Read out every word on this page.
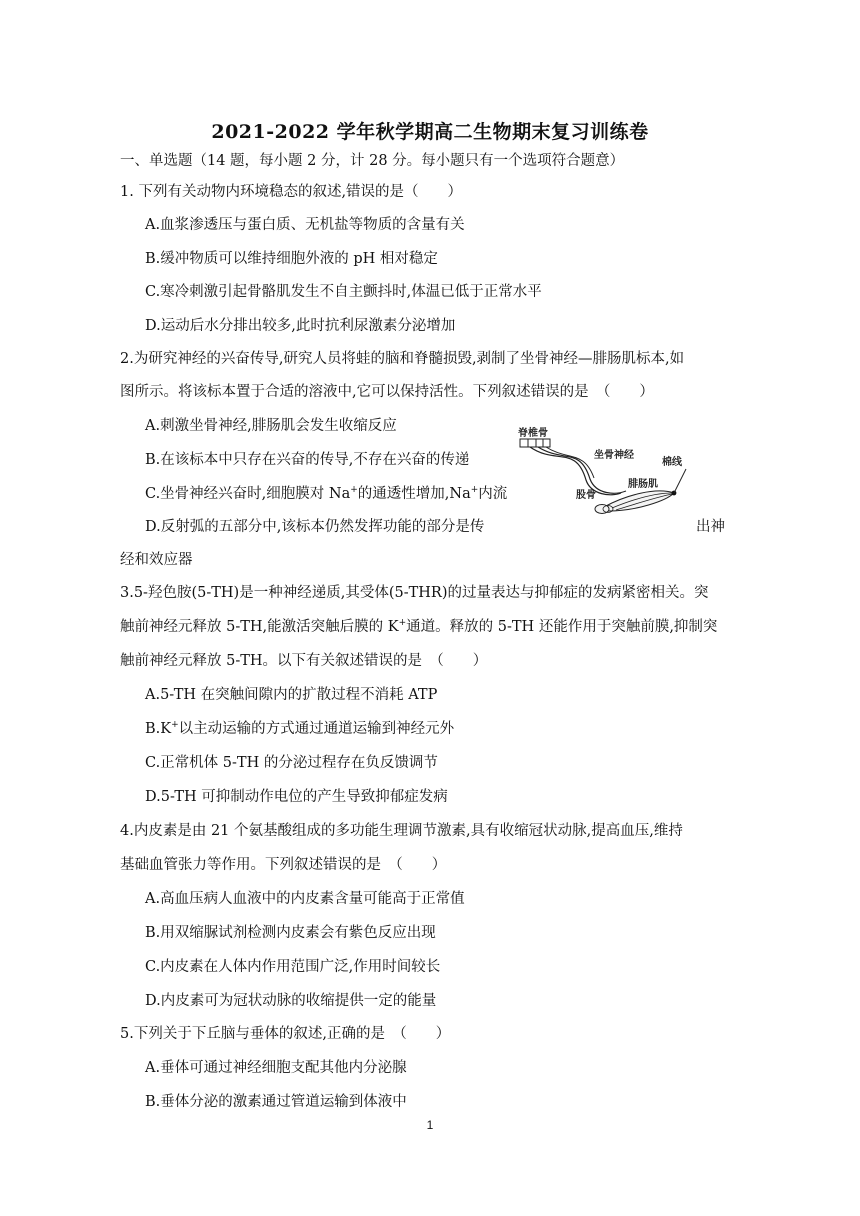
2021-2022 学年秋学期高二生物期末复习训练卷
一、单选题（14 题，每小题 2 分，计 28 分。每小题只有一个选项符合题意）
1. 下列有关动物内环境稳态的叙述,错误的是（　　）
A.血浆渗透压与蛋白质、无机盐等物质的含量有关
B.缓冲物质可以维持细胞外液的 pH 相对稳定
C.寒冷刺激引起骨骼肌发生不自主颤抖时,体温已低于正常水平
D.运动后水分排出较多,此时抗利尿激素分泌增加
2.为研究神经的兴奋传导,研究人员将蛙的脑和脊髓损毁,剥制了坐骨神经—腓肠肌标本,如
图所示。将该标本置于合适的溶液中,它可以保持活性。下列叙述错误的是　（　　）
A.刺激坐骨神经,腓肠肌会发生收缩反应
B.在该标本中只存在兴奋的传导,不存在兴奋的传递
C.坐骨神经兴奋时,细胞膜对 Na+的通透性增加,Na+内流
D.反射弧的五部分中,该标本仍然发挥功能的部分是传	出神
经和效应器
脊椎骨
坐骨神经
棉线
腓肠肌
股骨
3.5-羟色胺(5-TH)是一种神经递质,其受体(5-THR)的过量表达与抑郁症的发病紧密相关。突
触前神经元释放 5-TH,能激活突触后膜的 K+通道。释放的 5-TH 还能作用于突触前膜,抑制突
触前神经元释放 5-TH。以下有关叙述错误的是　（　　）
A.5-TH 在突触间隙内的扩散过程不消耗 ATP
B.K+以主动运输的方式通过通道运输到神经元外
C.正常机体 5-TH 的分泌过程存在负反馈调节
D.5-TH 可抑制动作电位的产生导致抑郁症发病
4.内皮素是由 21 个氨基酸组成的多功能生理调节激素,具有收缩冠状动脉,提高血压,维持
基础血管张力等作用。下列叙述错误的是　（　　）
A.高血压病人血液中的内皮素含量可能高于正常值
B.用双缩脲试剂检测内皮素会有紫色反应出现
C.内皮素在人体内作用范围广泛,作用时间较长
D.内皮素可为冠状动脉的收缩提供一定的能量
5.下列关于下丘脑与垂体的叙述,正确的是　（　　）
A.垂体可通过神经细胞支配其他内分泌腺
B.垂体分泌的激素通过管道运输到体液中
1
